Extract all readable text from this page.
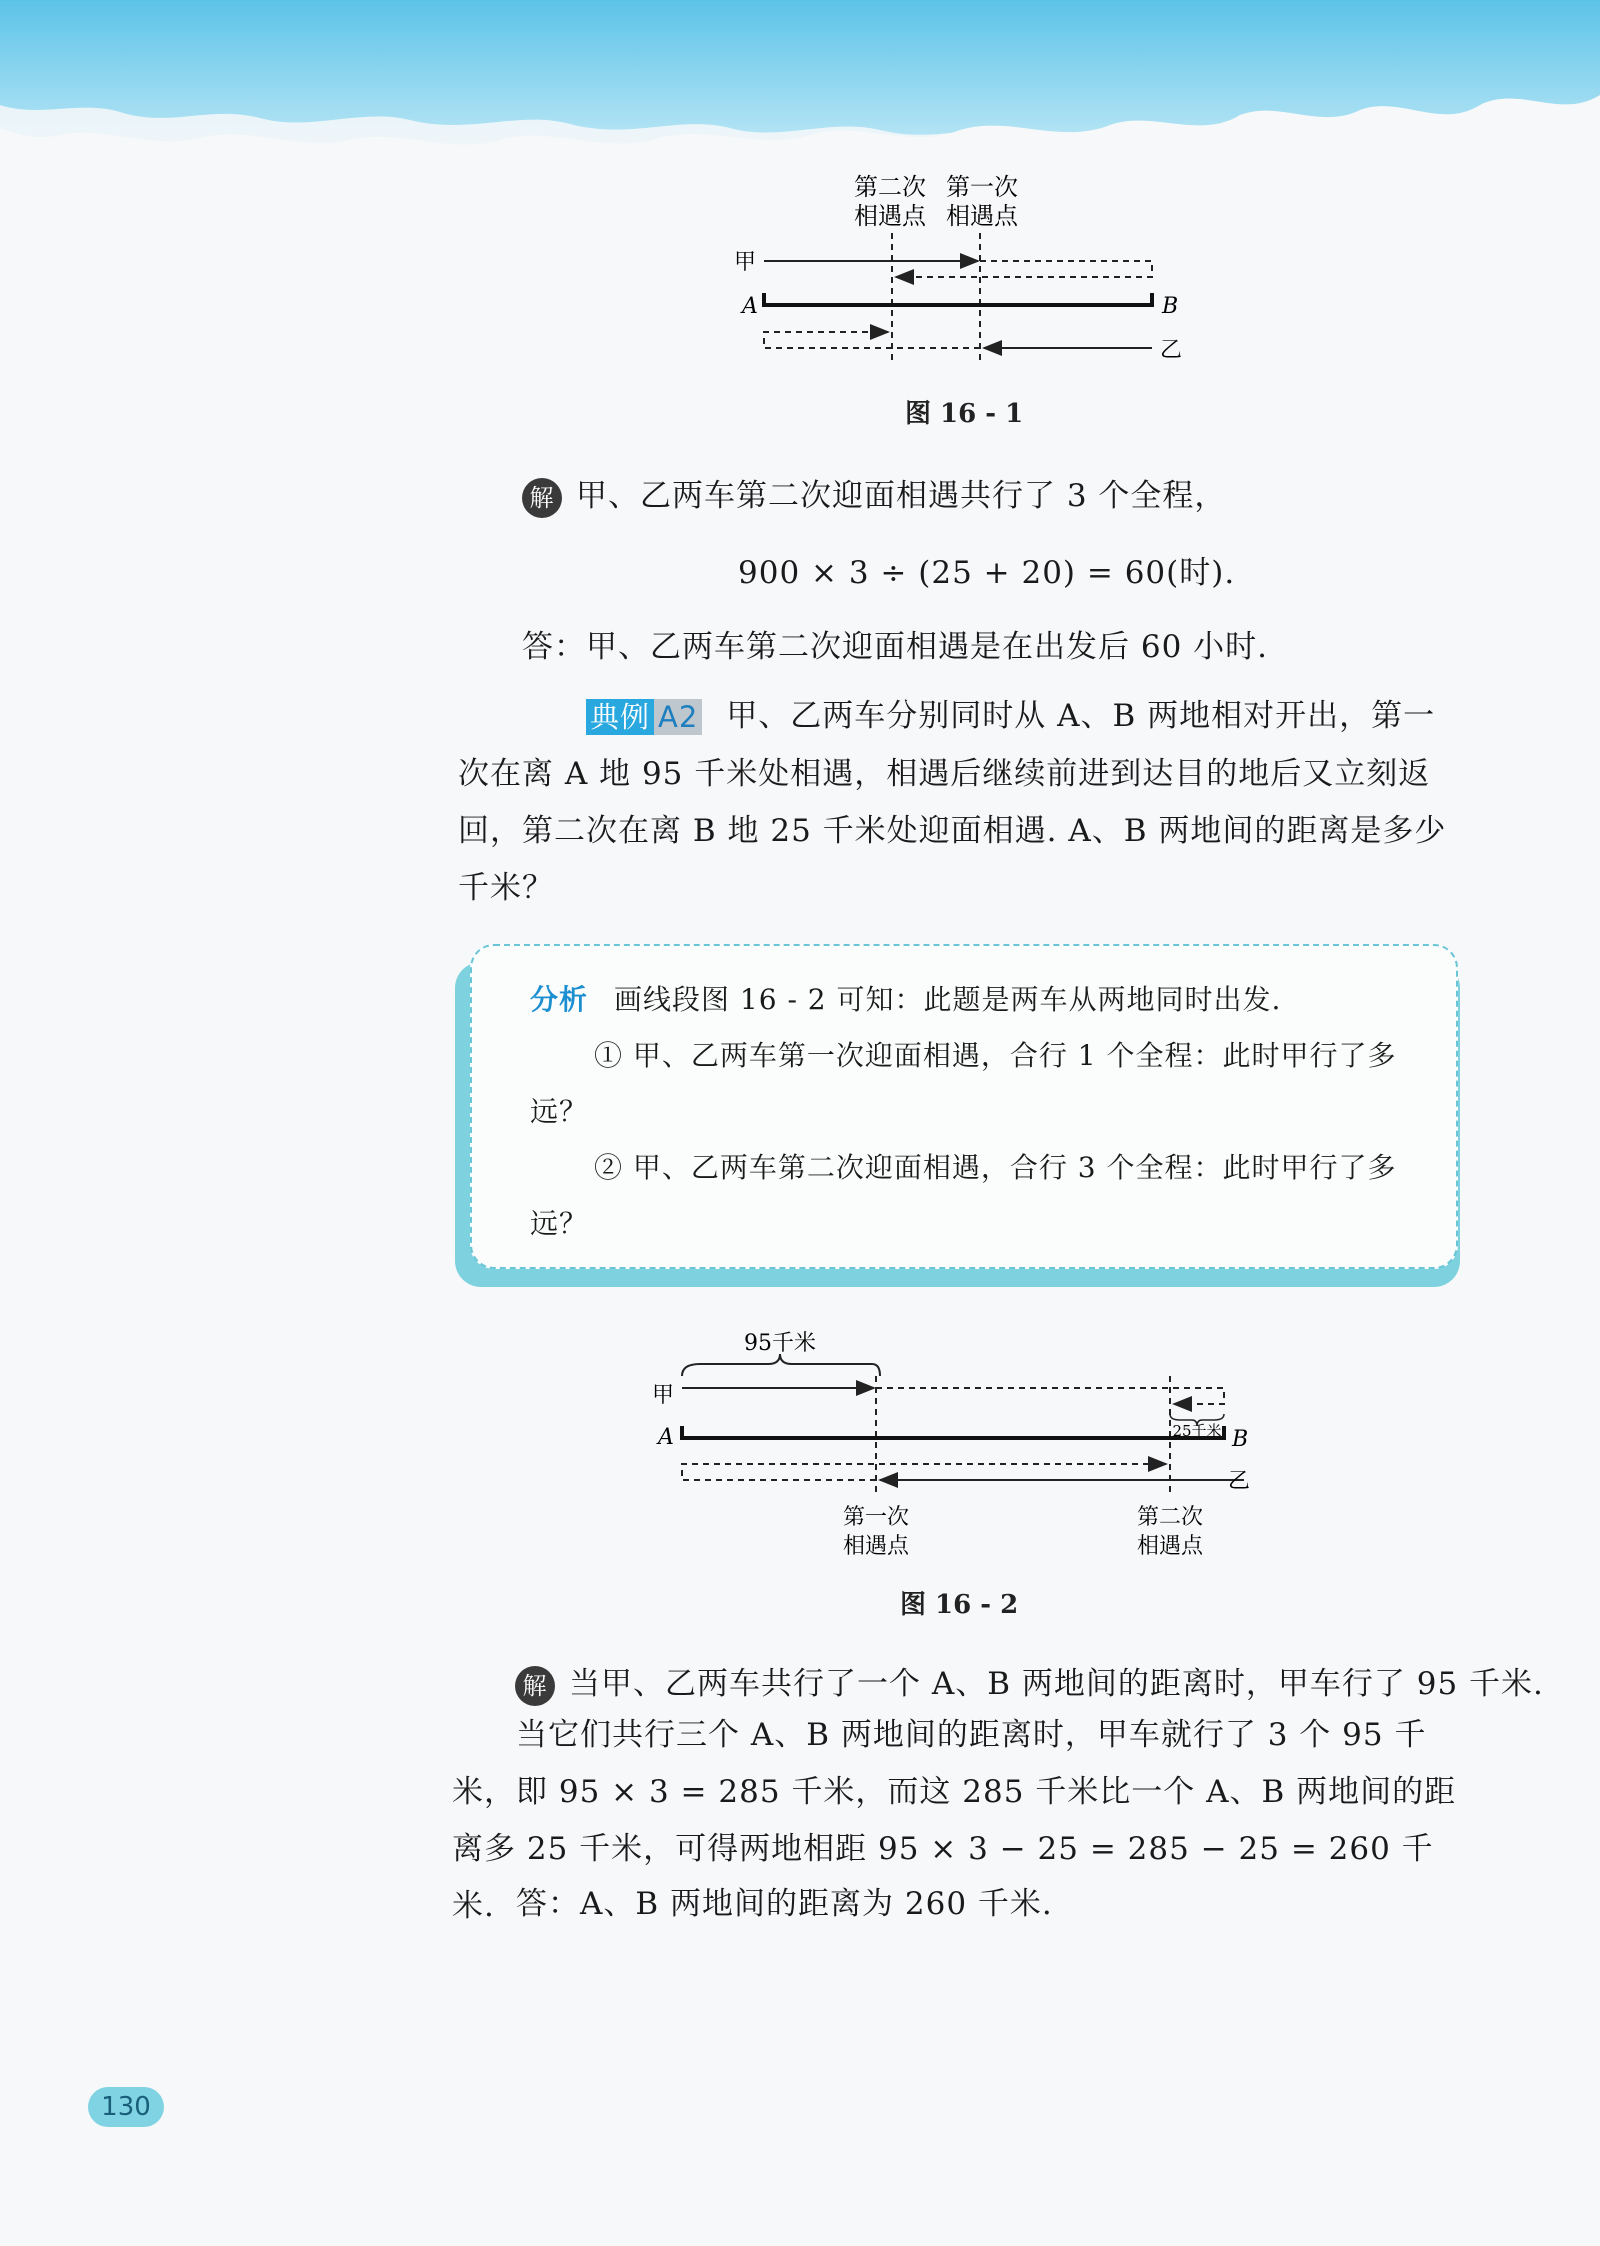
第二次
相遇点
第一次
相遇点
甲
A	B
乙
图 16 - 1
解 甲、乙两车第二次迎面相遇共行了 3 个全程，
900 × 3 ÷ (25 + 20) = 60(时).
答：甲、乙两车第二次迎面相遇是在出发后 60 小时.
典例 A2 甲、乙两车分别同时从 A、B 两地相对开出，第一次在离 A 地 95 千米处相遇，相遇后继续前进到达目的地后又立刻返回，第二次在离 B 地 25 千米处迎面相遇. A、B 两地间的距离是多少千米？
分析 画线段图 16 - 2 可知：此题是两车从两地同时出发.
① 甲、乙两车第一次迎面相遇，合行 1 个全程：此时甲行了多远？
② 甲、乙两车第二次迎面相遇，合行 3 个全程：此时甲行了多远？
95千米
甲
25千米
A	B
乙
第一次
相遇点
第二次
相遇点
图 16 - 2
解 当甲、乙两车共行了一个 A、B 两地间的距离时，甲车行了 95 千米.
当它们共行三个 A、B 两地间的距离时，甲车就行了 3 个 95 千米，即 95 × 3 = 285 千米，而这 285 千米比一个 A、B 两地间的距离多 25 千米，可得两地相距 95 × 3 − 25 = 285 − 25 = 260 千米. 答：A、B 两地间的距离为 260 千米.
130
